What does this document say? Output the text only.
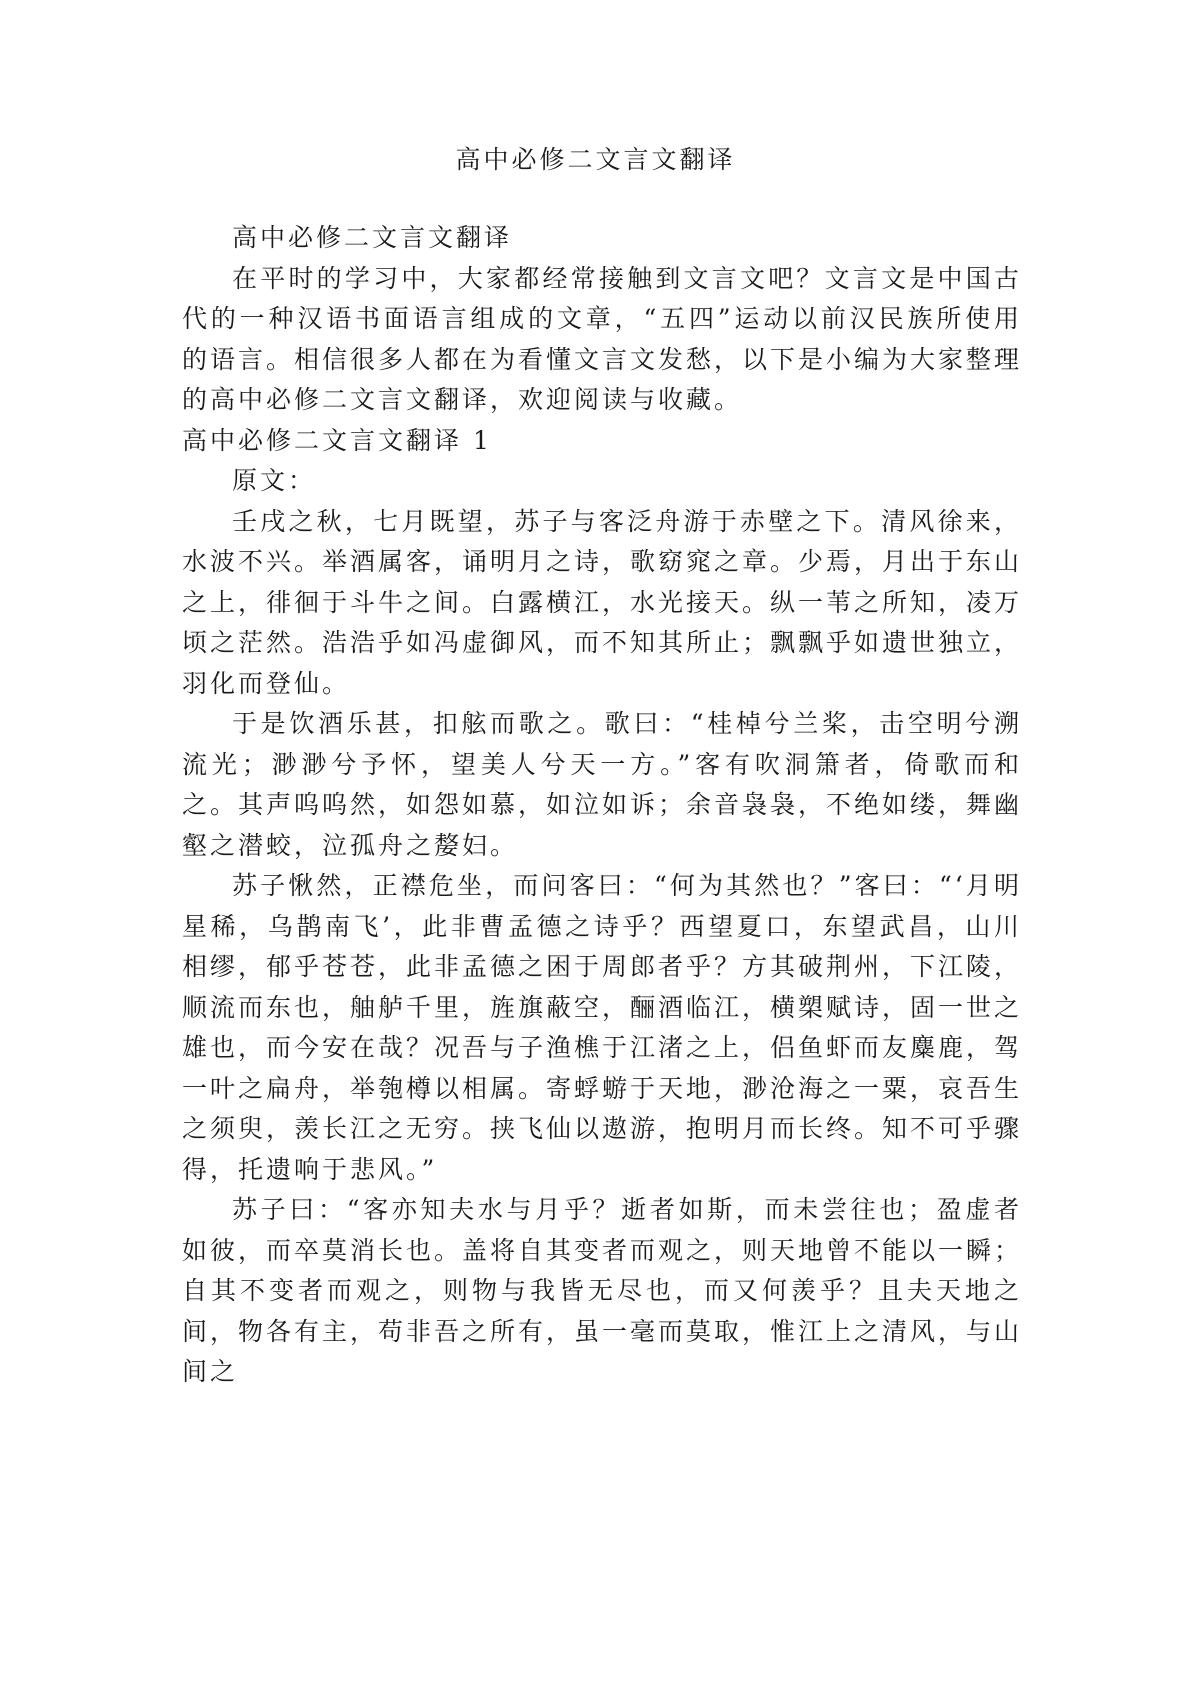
高中必修二文言文翻译

高中必修二文言文翻译

在平时的学习中，大家都经常接触到文言文吧？文言文是中国古代的一种汉语书面语言组成的文章，“五四”运动以前汉民族所使用的语言。相信很多人都在为看懂文言文发愁，以下是小编为大家整理的高中必修二文言文翻译，欢迎阅读与收藏。

高中必修二文言文翻译 1

原文：

壬戌之秋，七月既望，苏子与客泛舟游于赤壁之下。清风徐来，水波不兴。举酒属客，诵明月之诗，歌窈窕之章。少焉，月出于东山之上，徘徊于斗牛之间。白露横江，水光接天。纵一苇之所知，凌万顷之茫然。浩浩乎如冯虚御风，而不知其所止；飘飘乎如遗世独立，羽化而登仙。

于是饮酒乐甚，扣舷而歌之。歌曰：“桂棹兮兰桨，击空明兮溯流光；渺渺兮予怀，望美人兮天一方。”客有吹洞箫者，倚歌而和之。其声呜呜然，如怨如慕，如泣如诉；余音袅袅，不绝如缕，舞幽壑之潜蛟，泣孤舟之嫠妇。

苏子愀然，正襟危坐，而问客曰：“何为其然也？”客曰：“‘月明星稀，乌鹊南飞’，此非曹孟德之诗乎？西望夏口，东望武昌，山川相缪，郁乎苍苍，此非孟德之困于周郎者乎？方其破荆州，下江陵，顺流而东也，舳舻千里，旌旗蔽空，酾酒临江，横槊赋诗，固一世之雄也，而今安在哉？况吾与子渔樵于江渚之上，侣鱼虾而友麋鹿，驾一叶之扁舟，举匏樽以相属。寄蜉蝣于天地，渺沧海之一粟，哀吾生之须臾，羡长江之无穷。挟飞仙以遨游，抱明月而长终。知不可乎骤得，托遗响于悲风。”

苏子曰：“客亦知夫水与月乎？逝者如斯，而未尝往也；盈虚者如彼，而卒莫消长也。盖将自其变者而观之，则天地曾不能以一瞬；自其不变者而观之，则物与我皆无尽也，而又何羡乎？且夫天地之间，物各有主，苟非吾之所有，虽一毫而莫取，惟江上之清风，与山间之
